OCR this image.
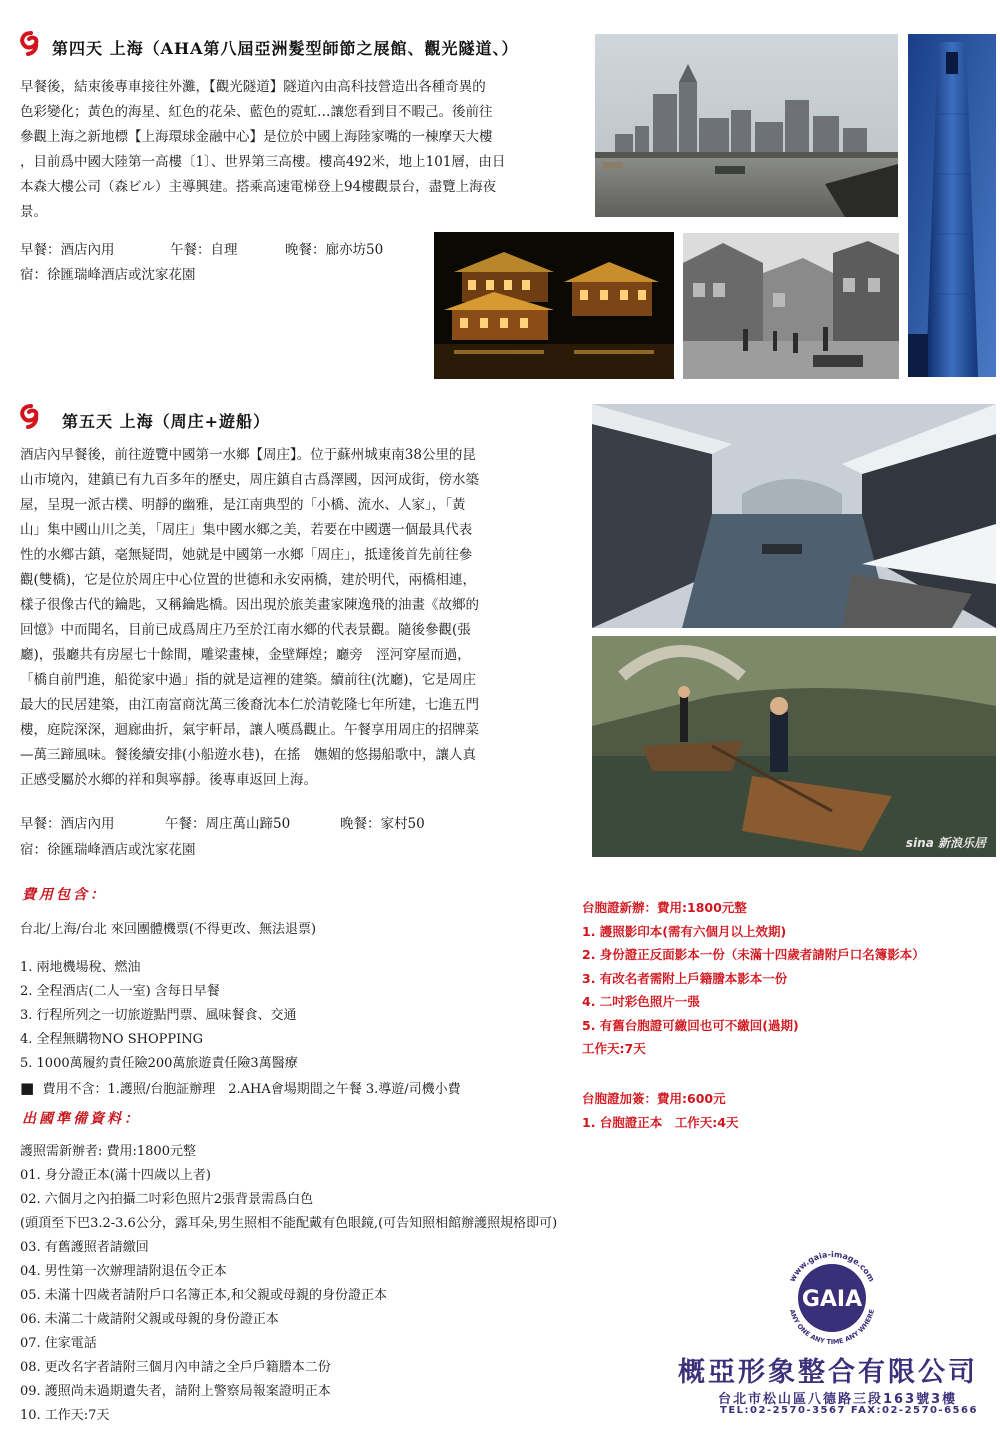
第四天 上海（AHA第八屆亞洲髮型師節之展館、觀光隧道、）

早餐後，結束後專車接往外灘，【觀光隧道】隧道內由高科技營造出各種奇異的

色彩變化；黃色的海星、紅色的花朵、藍色的霓虹…讓您看到目不暇己。後前往

參觀上海之新地標【上海環球金融中心】是位於中國上海陸家嘴的一棟摩天大樓

，目前爲中國大陸第一高樓〔1〕、世界第三高樓。樓高492米，地上101層，由日

本森大樓公司（森ビル）主導興建。搭乘高速電梯登上94樓觀景台，盡覽上海夜

景。

早餐：酒店內用	午餐：自理	晚餐：廊亦坊50
宿：徐匯瑞峰酒店或沈家花園
第五天 上海（周庄+遊船）

酒店內早餐後，前往遊覽中國第一水鄉【周庄】。位于蘇州城東南38公里的昆

山市境內，建鎮已有九百多年的歷史，周庄鎮自古爲澤國，因河成街，傍水築

屋，呈現一派古樸、明靜的幽雅，是江南典型的「小橋、流水、人家」，「黃

山」集中國山川之美，「周庄」集中國水鄉之美，若要在中國選一個最具代表

性的水鄉古鎮，毫無疑問，她就是中國第一水鄉「周庄」，抵達後首先前往參

觀(雙橋)，它是位於周庄中心位置的世德和永安兩橋，建於明代，兩橋相連，

樣子很像古代的鑰匙，又稱鑰匙橋。因出現於旅美畫家陳逸飛的油畫《故鄉的

回憶》中而聞名，目前已成爲周庄乃至於江南水鄉的代表景觀。隨後參觀(張

廳)，張廳共有房屋七十餘間，雕梁畫棟，金壁輝煌；廳旁　涇河穿屋而過，

「橋自前門進，船從家中過」指的就是這裡的建築。續前往(沈廳)，它是周庄

最大的民居建築，由江南富商沈萬三後裔沈本仁於清乾隆七年所建，七進五門

樓，庭院深深，迴廊曲折，氣宇軒昂，讓人嘆爲觀止。午餐享用周庄的招牌菜

—萬三蹄風味。餐後續安排(小船遊水巷)，在搖　嫵媚的悠揚船歌中，讓人真

正感受屬於水鄉的祥和與寧靜。後專車返回上海。

早餐：酒店內用	午餐：周庄萬山蹄50	晚餐：家村50
宿：徐匯瑞峰酒店或沈家花園	sina 新浪乐居
費用包含：
台北/上海/台北 來回團體機票(不得更改、無法退票)
1. 兩地機場稅、燃油
2. 全程酒店(二人一室) 含每日早餐
3. 行程所列之一切旅遊點門票、風味餐食、交通
4. 全程無購物NO SHOPPING
5. 1000萬履約責任險200萬旅遊責任險3萬醫療
■ 費用不含：1.護照/台胞証辦理　2.AHA會場期間之午餐 3.導遊/司機小費
出國準備資料：
護照需新辦者: 費用:1800元整
01. 身分證正本(滿十四歲以上者)
02. 六個月之內拍攝二吋彩色照片2張背景需爲白色
(頭頂至下巴3.2-3.6公分，露耳朵,男生照相不能配戴有色眼鏡,(可告知照相館辦護照規格即可)
03. 有舊護照者請繳回
04. 男性第一次辦理請附退伍令正本
05. 未滿十四歲者請附戶口名簿正本,和父親或母親的身份證正本
06. 未滿二十歲請附父親或母親的身份證正本
07. 住家電話
08. 更改名字者請附三個月內申請之全戶戶籍謄本二份
09. 護照尚未過期遺失者，請附上警察局報案證明正本
10. 工作天:7天
台胞證新辦：費用:1800元整
1. 護照影印本(需有六個月以上效期)
2. 身份證正反面影本一份（未滿十四歲者請附戶口名簿影本）
3. 有改名者需附上戶籍謄本影本一份
4. 二吋彩色照片一張
5. 有舊台胞證可繳回也可不繳回(過期)
工作天:7天
台胞證加簽：費用:600元
1. 台胞證正本　工作天:4天
www.gaia-image.com
ANY ONE ANY TIME ANY WHERE
GAIA
概亞形象整合有限公司
台北市松山區八德路三段163號3樓
TEL:02-2570-3567 FAX:02-2570-6566
